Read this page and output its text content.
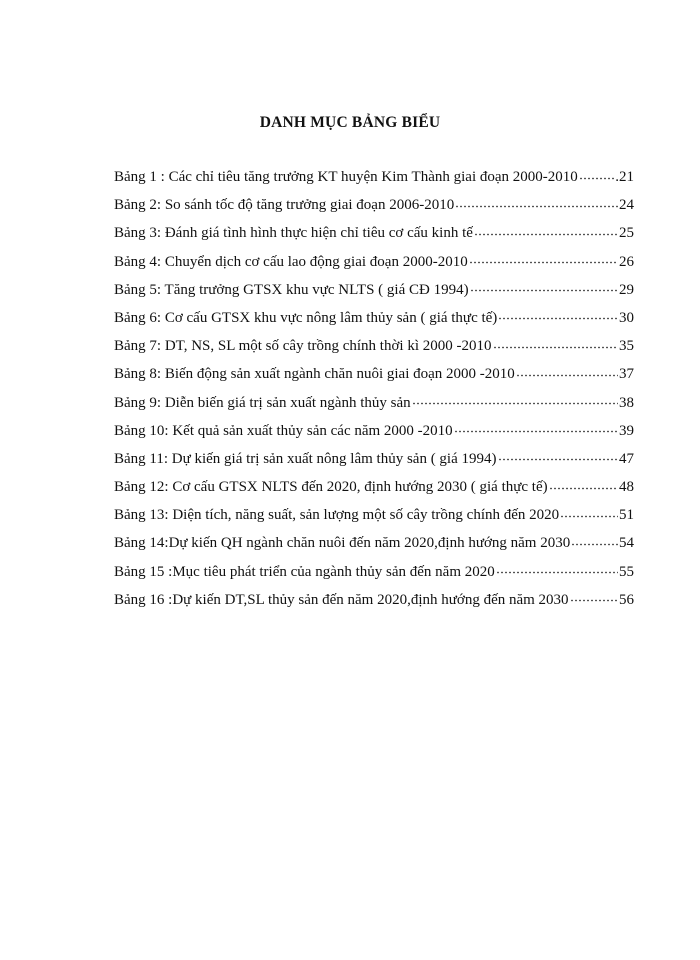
DANH MỤC BẢNG BIỂU
Bảng 1 : Các chỉ tiêu tăng trưởng KT huyện Kim Thành giai đoạn 2000-2010 .21
Bảng 2: So sánh tốc độ tăng trưởng giai đoạn 2006-2010	24
Bảng 3: Đánh giá tình hình thực hiện chỉ tiêu cơ cấu kinh tế	25
Bảng 4: Chuyển dịch cơ cấu lao động giai đoạn 2000-2010	26
Bảng 5: Tăng trưởng GTSX khu vực NLTS ( giá CĐ 1994)	29
Bảng 6: Cơ cấu GTSX khu vực nông lâm thủy sản ( giá thực tế)	30
Bảng 7: DT, NS, SL một số cây trồng chính thời kì 2000 -2010	35
Bảng 8: Biến động sản xuất ngành chăn nuôi giai đoạn 2000 -2010	37
Bảng 9: Diễn biến giá trị sản xuất ngành thủy sản	38
Bảng 10: Kết quả sản xuất thủy sản các năm 2000 -2010	39
Bảng 11: Dự kiến giá trị sản xuất nông lâm thủy sản ( giá 1994)	47
Bảng 12: Cơ cấu GTSX NLTS đến 2020, định hướng 2030 ( giá thực tế)	48
Bảng 13: Diện tích, năng suất, sản lượng một số cây trồng chính đến 2020	51
Bảng 14:Dự kiến QH ngành chăn nuôi đến năm 2020,định hướng năm 2030	54
Bảng 15 :Mục tiêu phát triển của ngành thủy sản đến năm 2020	55
Bảng 16 :Dự kiến DT,SL thủy sản đến năm 2020,định hướng đến năm 2030	56
